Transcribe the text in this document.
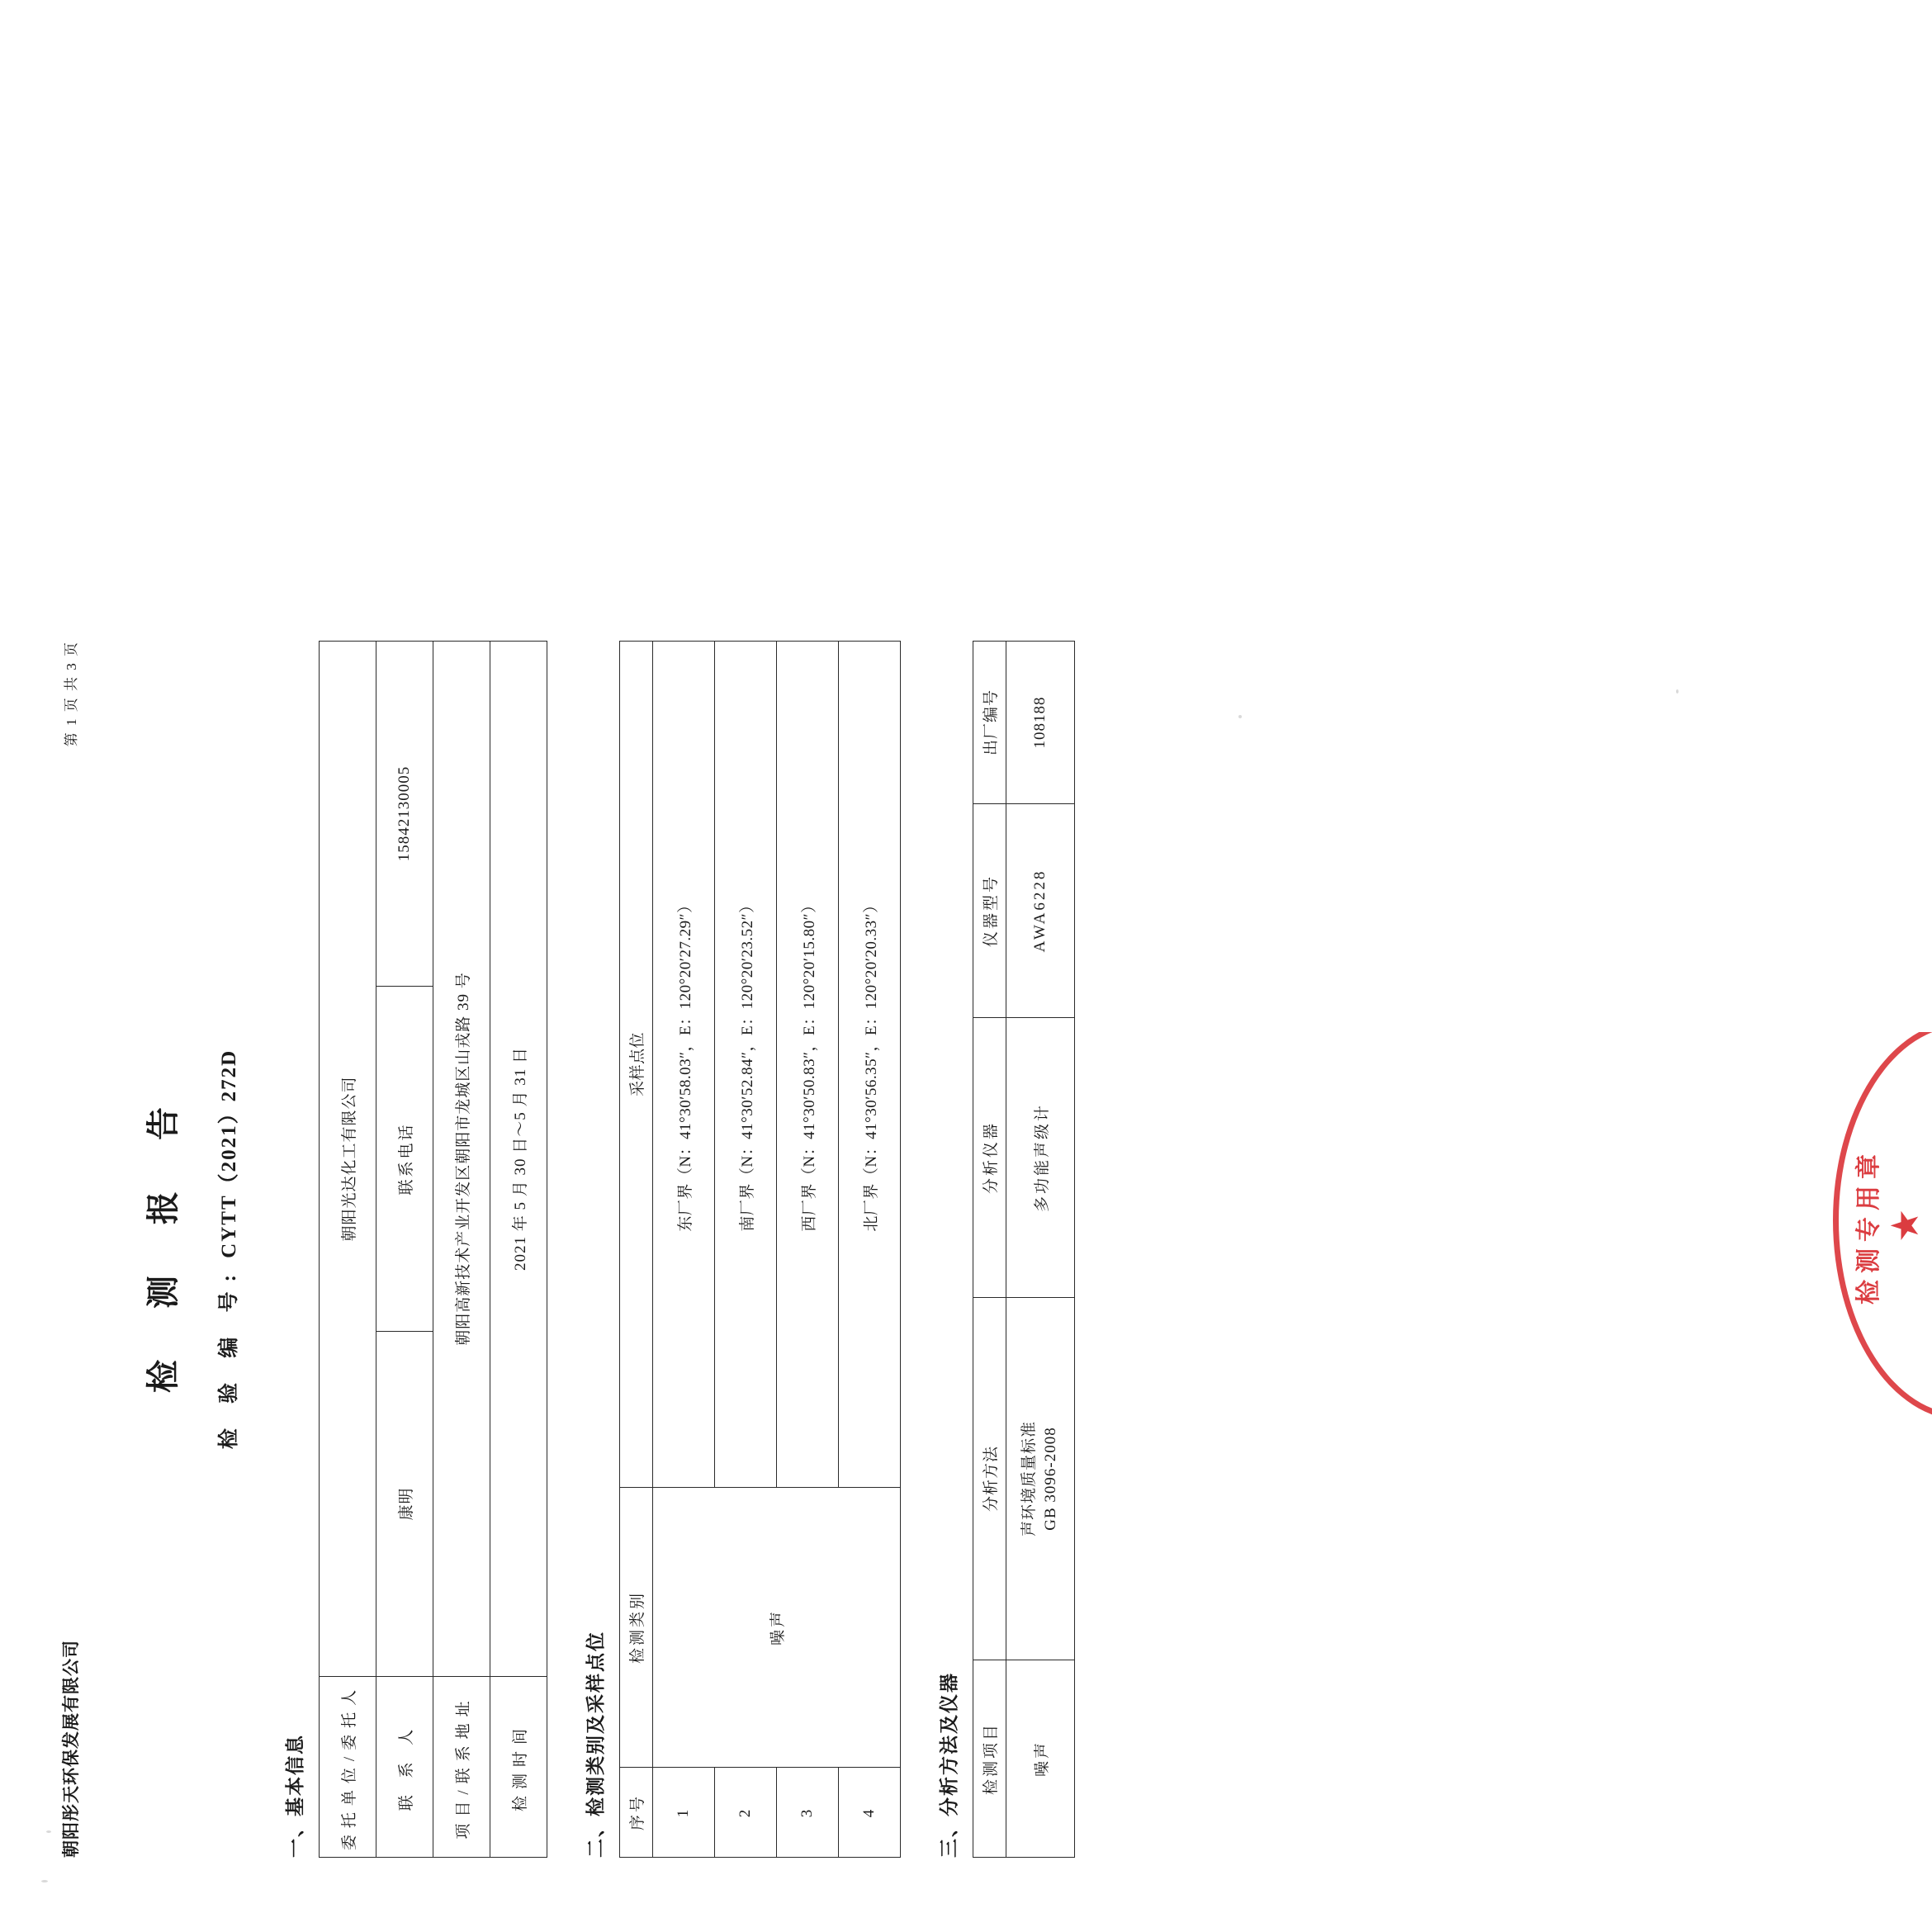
朝阳彤天环保发展有限公司
第 1 页 共 3 页
检 测 报 告 检 验 编 号: CYTT（2021）272D
一、基本信息 委托单位/委托人	朝阳光达化工有限公司		
联 系 人	康明	联系电话	15842130005
项目/联系地址	朝阳高新技术产业开发区朝阳市龙城区山戎路 39 号		
检测时间	2021 年 5 月 30 日～5 月 31 日		
二、检测类别及采样点位 序号	检测类别	采样点位
1	噪声	东厂界（N：41°30′58.03″，E：120°20′27.29″）
2		南厂界（N：41°30′52.84″，E：120°20′23.52″）
3		西厂界（N：41°30′50.83″，E：120°20′15.80″）
4		北厂界（N：41°30′56.35″，E：120°20′20.33″）
三、分析方法及仪器 检测项目	分析方法	分析仪器	仪器型号	出厂编号
噪声	声环境质量标准 GB 3096-2008	多功能声级计	AWA6228	108188
检测专用章 ★
